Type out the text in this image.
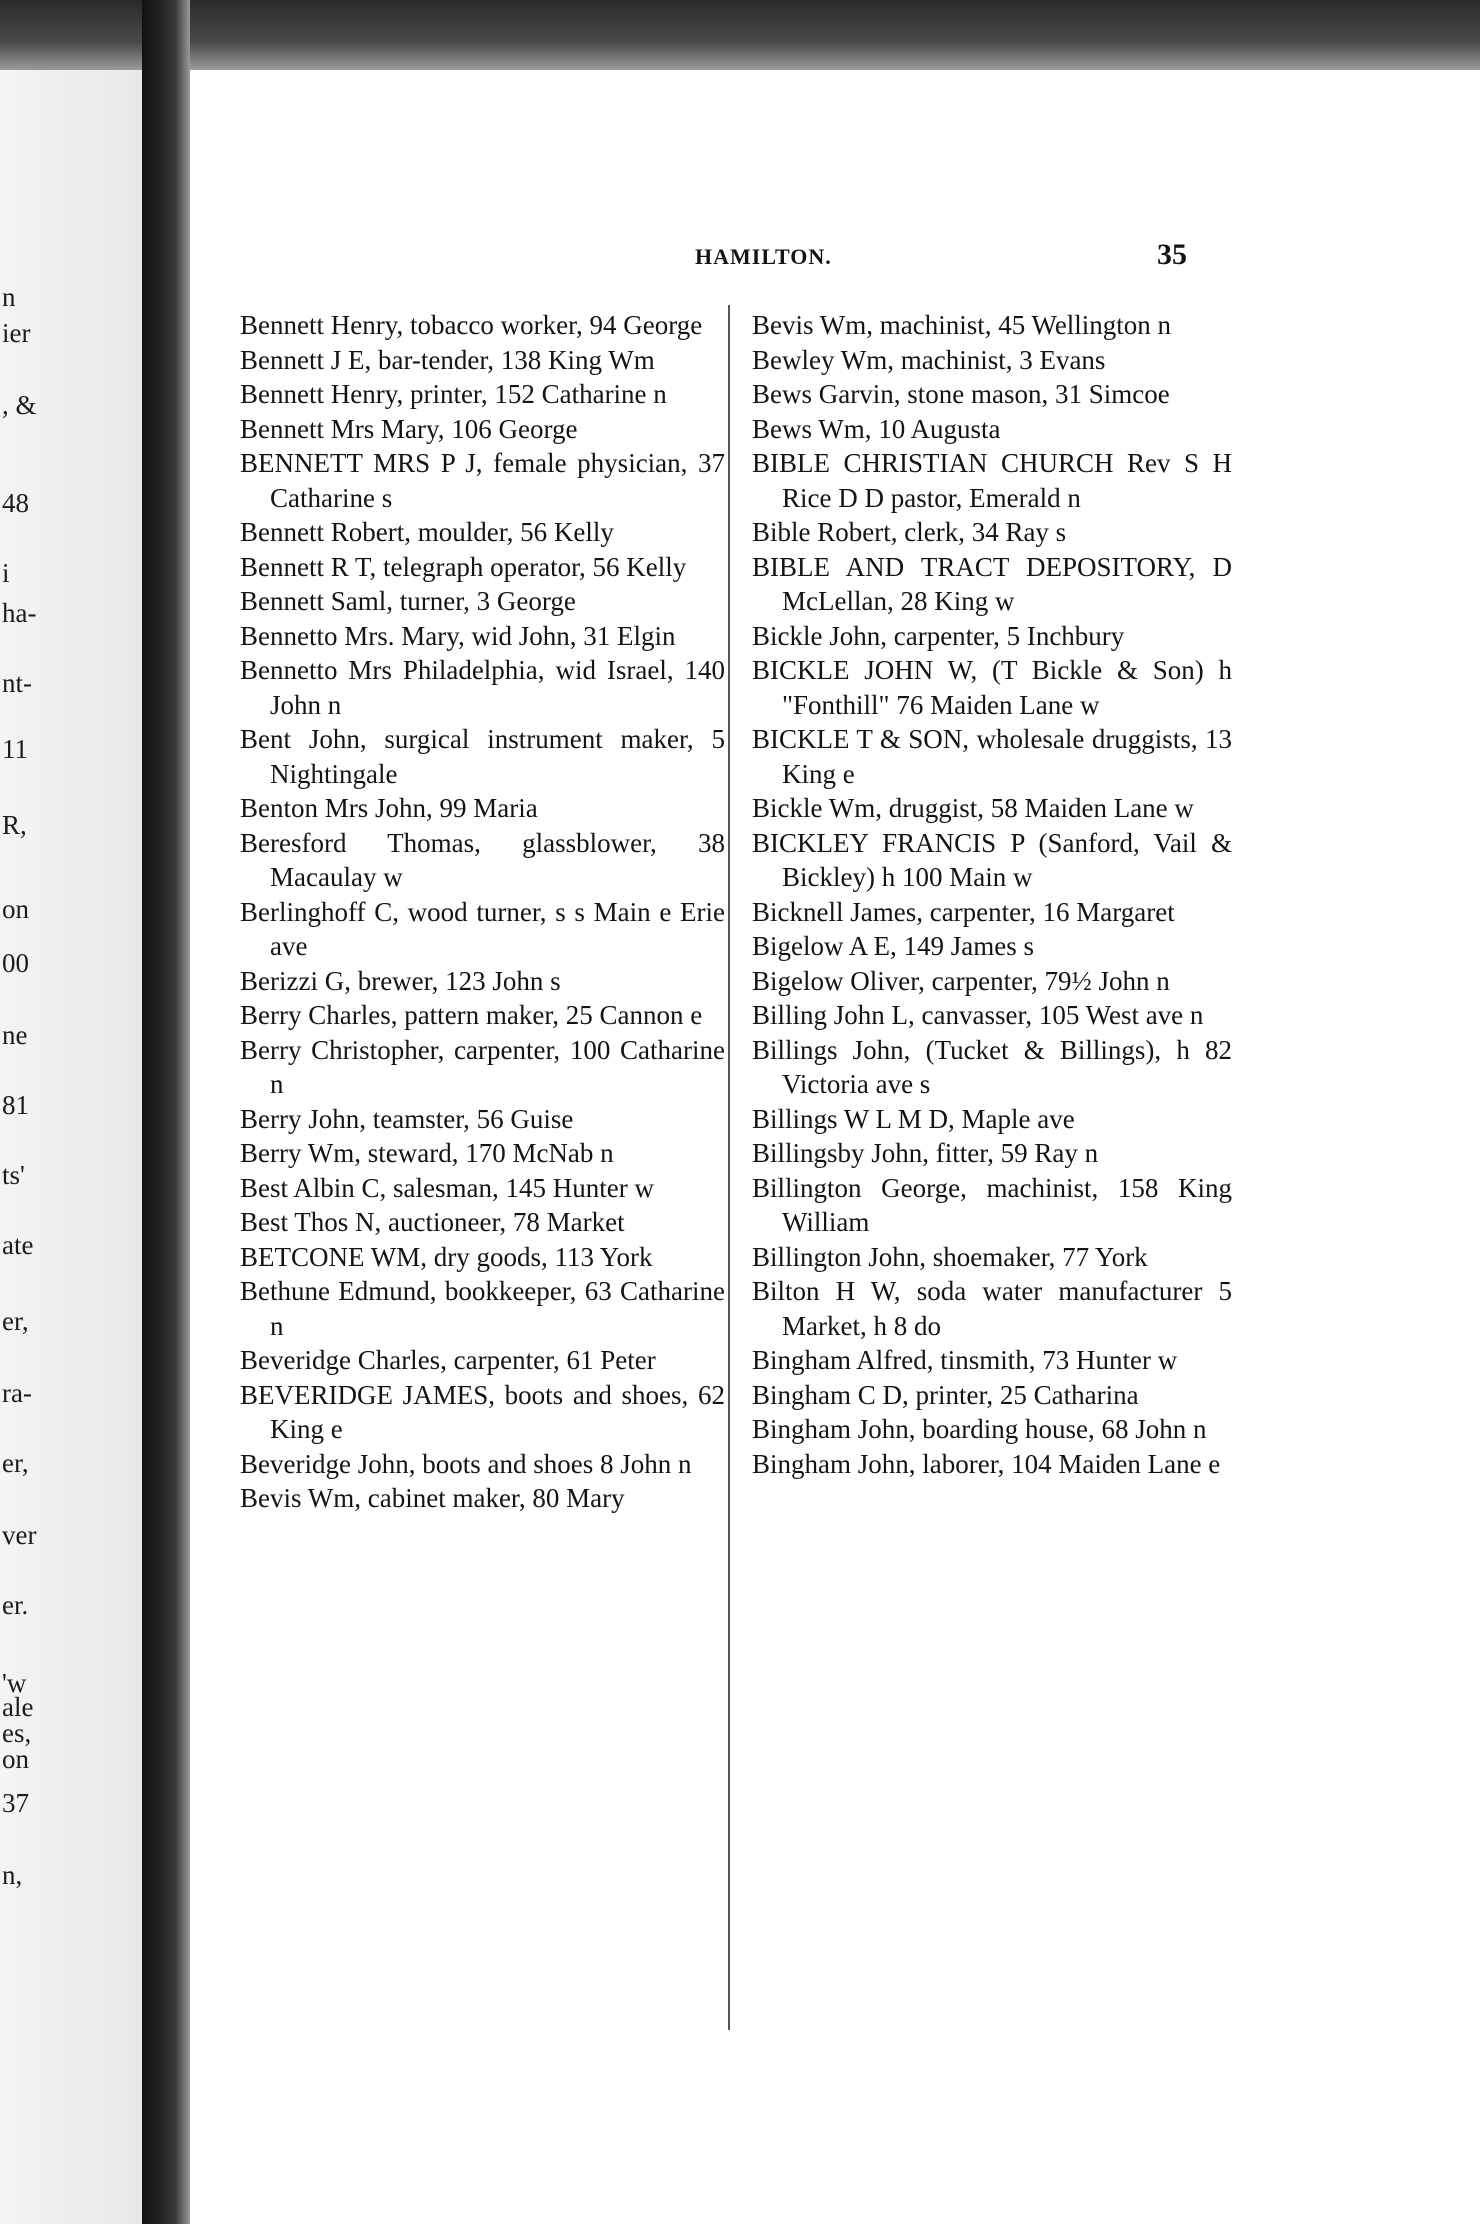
n
ier
, &
48
i
ha-
nt-
11
R,
on
00
ne
81
ts'
ate
er,
ra-
er,
ver
er.
'w
ale
es,
on
37
n,
HAMILTON.	35

Bennett Henry, tobacco worker, 94 George

Bennett J E, bar-tender, 138 King Wm

Bennett Henry, printer, 152 Catharine n

Bennett Mrs Mary, 106 George

BENNETT MRS P J, female physician, 37 Catharine s

Bennett Robert, moulder, 56 Kelly

Bennett R T, telegraph operator, 56 Kelly

Bennett Saml, turner, 3 George

Bennetto Mrs. Mary, wid John, 31 Elgin

Bennetto Mrs Philadelphia, wid Israel, 140 John n

Bent John, surgical instrument maker, 5 Nightingale

Benton Mrs John, 99 Maria

Beresford Thomas, glassblower, 38 Macaulay w

Berlinghoff C, wood turner, s s Main e Erie ave

Berizzi G, brewer, 123 John s

Berry Charles, pattern maker, 25 Cannon e

Berry Christopher, carpenter, 100 Catharine n

Berry John, teamster, 56 Guise

Berry Wm, steward, 170 McNab n

Best Albin C, salesman, 145 Hunter w

Best Thos N, auctioneer, 78 Market

BETCONE WM, dry goods, 113 York

Bethune Edmund, bookkeeper, 63 Catharine n

Beveridge Charles, carpenter, 61 Peter

BEVERIDGE JAMES, boots and shoes, 62 King e

Beveridge John, boots and shoes 8 John n

Bevis Wm, cabinet maker, 80 Mary

Bevis Wm, machinist, 45 Wellington n

Bewley Wm, machinist, 3 Evans

Bews Garvin, stone mason, 31 Simcoe

Bews Wm, 10 Augusta

BIBLE CHRISTIAN CHURCH Rev S H Rice D D pastor, Emerald n

Bible Robert, clerk, 34 Ray s

BIBLE AND TRACT DEPOSITORY, D McLellan, 28 King w

Bickle John, carpenter, 5 Inchbury

BICKLE JOHN W, (T Bickle & Son) h "Fonthill" 76 Maiden Lane w

BICKLE T & SON, wholesale druggists, 13 King e

Bickle Wm, druggist, 58 Maiden Lane w

BICKLEY FRANCIS P (Sanford, Vail & Bickley) h 100 Main w

Bicknell James, carpenter, 16 Margaret

Bigelow A E, 149 James s

Bigelow Oliver, carpenter, 79½ John n

Billing John L, canvasser, 105 West ave n

Billings John, (Tucket & Billings), h 82 Victoria ave s

Billings W L M D, Maple ave

Billingsby John, fitter, 59 Ray n

Billington George, machinist, 158 King William

Billington John, shoemaker, 77 York

Bilton H W, soda water manufacturer 5 Market, h 8 do

Bingham Alfred, tinsmith, 73 Hunter w

Bingham C D, printer, 25 Catharina

Bingham John, boarding house, 68 John n

Bingham John, laborer, 104 Maiden Lane e
